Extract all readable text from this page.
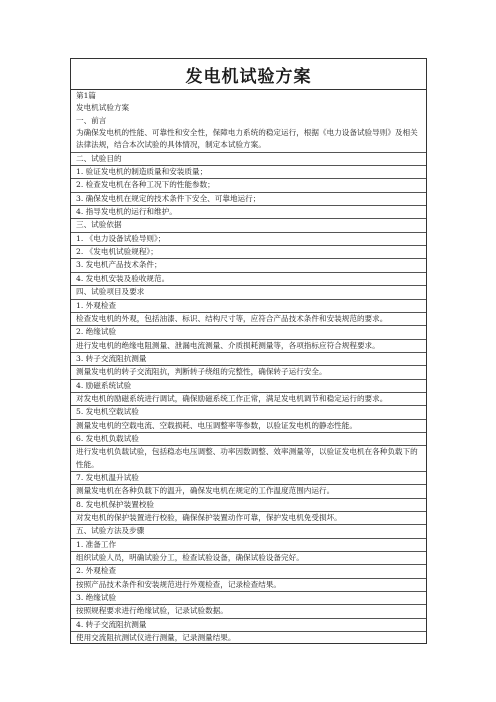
发电机试验方案
第1篇
发电机试验方案
一、前言
为确保发电机的性能、可靠性和安全性，保障电力系统的稳定运行，根据《电力设备试验导则》及相关法律法规，结合本次试验的具体情况，制定本试验方案。
二、试验目的
1. 验证发电机的制造质量和安装质量；
2. 检查发电机在各种工况下的性能参数；
3. 确保发电机在规定的技术条件下安全、可靠地运行；
4. 指导发电机的运行和维护。
三、试验依据
1. 《电力设备试验导则》；
2. 《发电机试验规程》；
3. 发电机产品技术条件；
4. 发电机安装及验收规范。
四、试验项目及要求
1. 外观检查
检查发电机的外观，包括油漆、标识、结构尺寸等，应符合产品技术条件和安装规范的要求。
2. 绝缘试验
进行发电机的绝缘电阻测量、泄漏电流测量、介质损耗测量等，各项指标应符合规程要求。
3. 转子交流阻抗测量
测量发电机的转子交流阻抗，判断转子绕组的完整性，确保转子运行安全。
4. 励磁系统试验
对发电机的励磁系统进行调试，确保励磁系统工作正常，满足发电机调节和稳定运行的要求。
5. 发电机空载试验
测量发电机的空载电流、空载损耗、电压调整率等参数，以验证发电机的静态性能。
6. 发电机负载试验
进行发电机负载试验，包括稳态电压调整、功率因数调整、效率测量等，以验证发电机在各种负载下的性能。
7. 发电机温升试验
测量发电机在各种负载下的温升，确保发电机在规定的工作温度范围内运行。
8. 发电机保护装置校验
对发电机的保护装置进行校验，确保保护装置动作可靠，保护发电机免受损坏。
五、试验方法及步骤
1. 准备工作
组织试验人员，明确试验分工，检查试验设备，确保试验设备完好。
2. 外观检查
按照产品技术条件和安装规范进行外观检查，记录检查结果。
3. 绝缘试验
按照规程要求进行绝缘试验，记录试验数据。
4. 转子交流阻抗测量
使用交流阻抗测试仪进行测量，记录测量结果。
